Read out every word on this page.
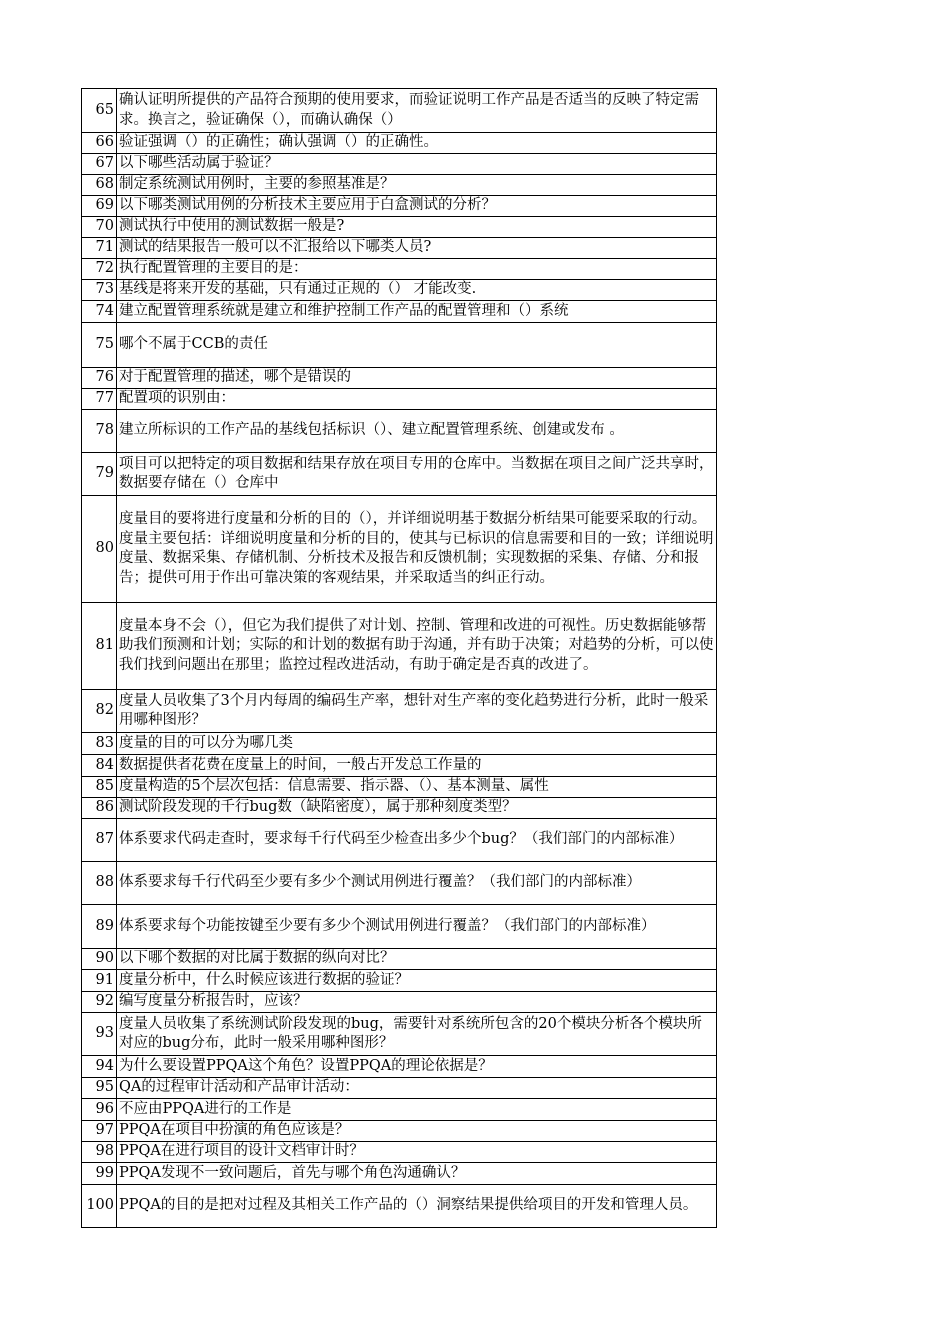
65	确认证明所提供的产品符合预期的使用要求，而验证说明工作产品是否适当的反映了特定需求。换言之，验证确保（），而确认确保（）
66	验证强调（）的正确性；确认强调（）的正确性。
67	以下哪些活动属于验证？
68	制定系统测试用例时，主要的参照基准是？
69	以下哪类测试用例的分析技术主要应用于白盒测试的分析？
70	测试执行中使用的测试数据一般是?
71	测试的结果报告一般可以不汇报给以下哪类人员?
72	执行配置管理的主要目的是：
73	基线是将来开发的基础，只有通过正规的（） 才能改变.
74	建立配置管理系统就是建立和维护控制工作产品的配置管理和（）系统
75	哪个不属于CCB的责任
76	对于配置管理的描述，哪个是错误的
77	配置项的识别由：
78	建立所标识的工作产品的基线包括标识（）、建立配置管理系统、创建或发布 。
79	项目可以把特定的项目数据和结果存放在项目专用的仓库中。当数据在项目之间广泛共享时，数据要存储在（）仓库中
80	度量目的要将进行度量和分析的目的（），并详细说明基于数据分析结果可能要采取的行动。度量主要包括：详细说明度量和分析的目的，使其与已标识的信息需要和目的一致；详细说明度量、数据采集、存储机制、分析技术及报告和反馈机制；实现数据的采集、存储、分和报告；提供可用于作出可靠决策的客观结果，并采取适当的纠正行动。
81	度量本身不会（），但它为我们提供了对计划、控制、管理和改进的可视性。历史数据能够帮助我们预测和计划；实际的和计划的数据有助于沟通，并有助于决策；对趋势的分析，可以使我们找到问题出在那里；监控过程改进活动，有助于确定是否真的改进了。
82	度量人员收集了3个月内每周的编码生产率，想针对生产率的变化趋势进行分析，此时一般采用哪种图形？
83	度量的目的可以分为哪几类
84	数据提供者花费在度量上的时间，一般占开发总工作量的
85	度量构造的5个层次包括：信息需要、指示器、（）、基本测量、属性
86	测试阶段发现的千行bug数（缺陷密度），属于那种刻度类型？
87	体系要求代码走查时，要求每千行代码至少检查出多少个bug？（我们部门的内部标准）
88	体系要求每千行代码至少要有多少个测试用例进行覆盖？（我们部门的内部标准）
89	体系要求每个功能按键至少要有多少个测试用例进行覆盖？（我们部门的内部标准）
90	以下哪个数据的对比属于数据的纵向对比？
91	度量分析中，什么时候应该进行数据的验证？
92	编写度量分析报告时，应该？
93	度量人员收集了系统测试阶段发现的bug，需要针对系统所包含的20个模块分析各个模块所对应的bug分布，此时一般采用哪种图形？
94	为什么要设置PPQA这个角色？设置PPQA的理论依据是？
95	QA的过程审计活动和产品审计活动：
96	不应由PPQA进行的工作是
97	PPQA在项目中扮演的角色应该是？
98	PPQA在进行项目的设计文档审计时？
99	PPQA发现不一致问题后，首先与哪个角色沟通确认？
100	PPQA的目的是把对过程及其相关工作产品的（）洞察结果提供给项目的开发和管理人员。
